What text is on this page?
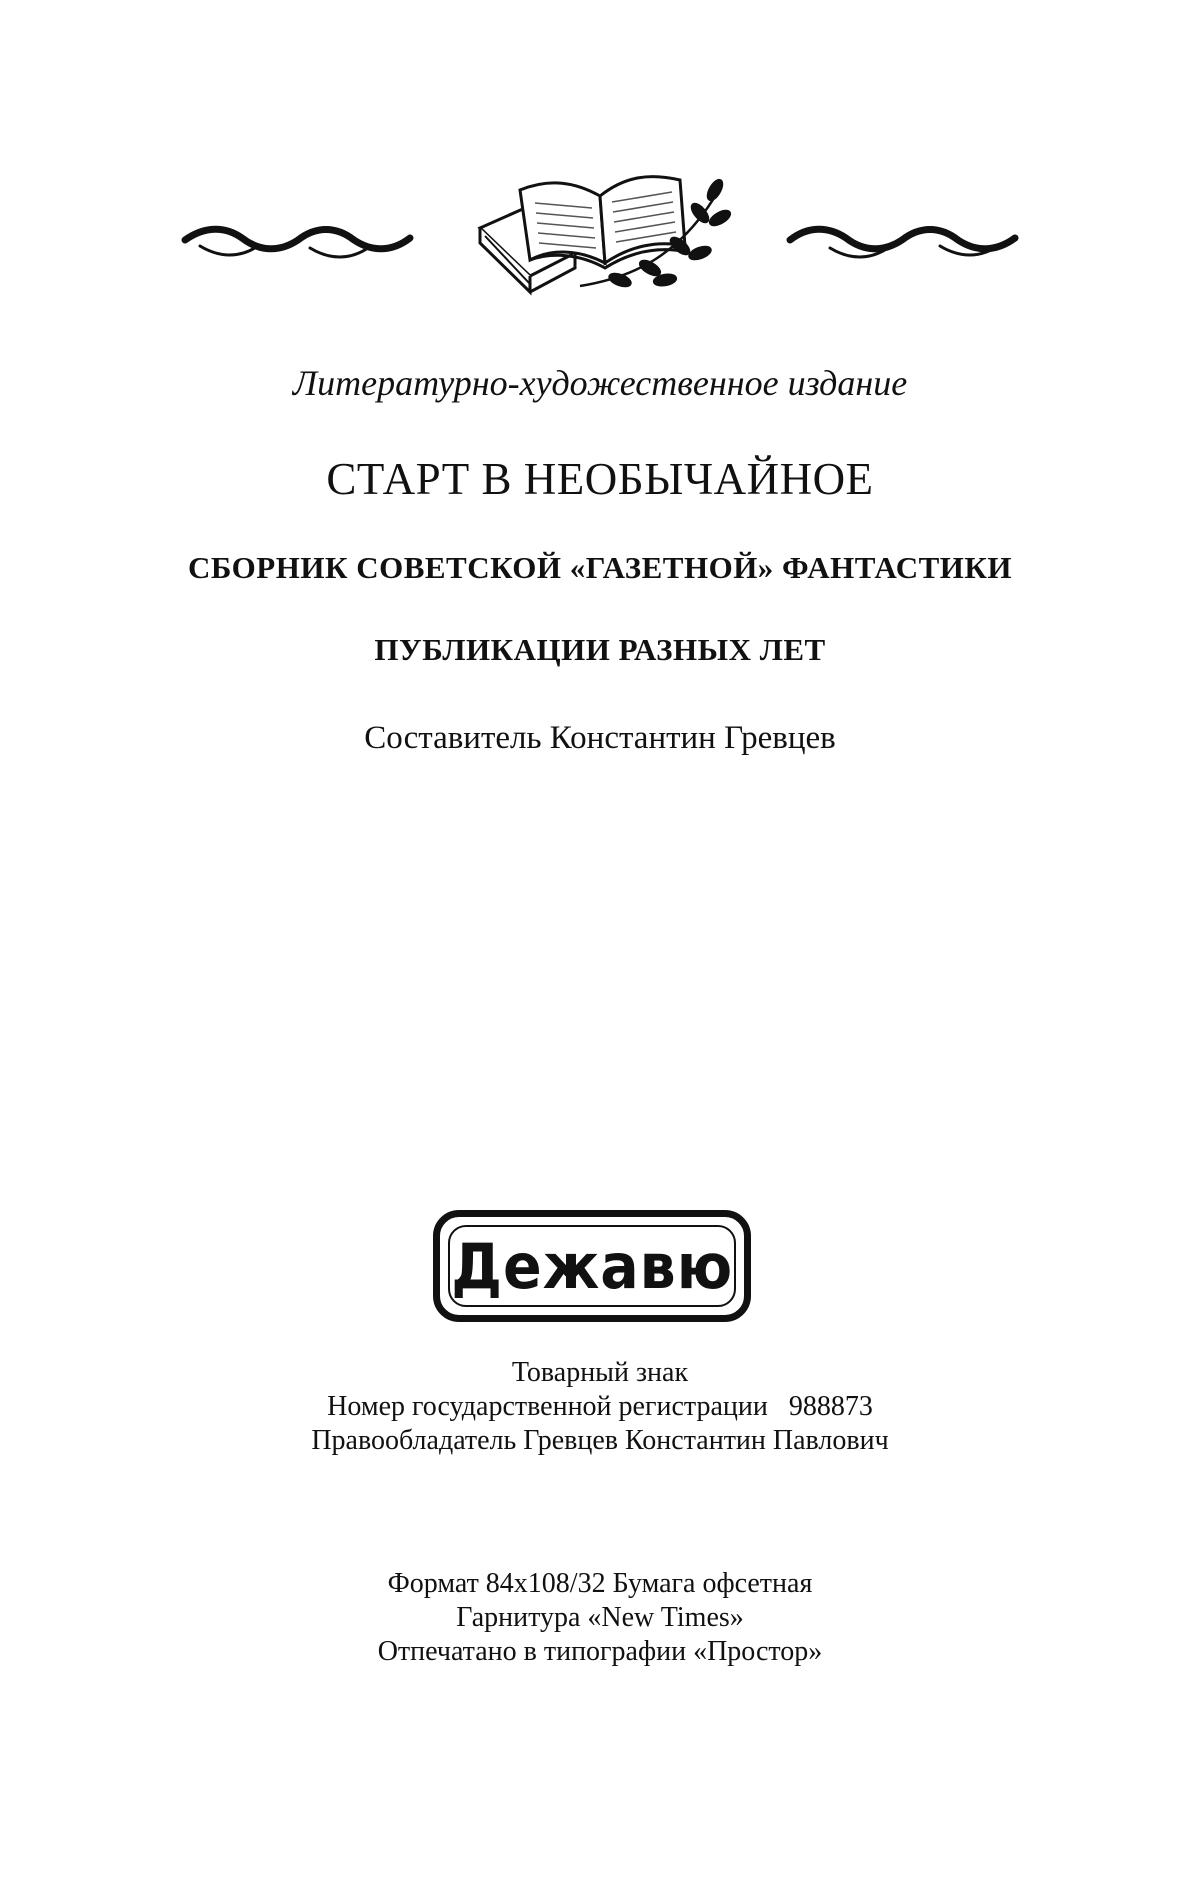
Литературно-художественное издание
СТАРТ В НЕОБЫЧАЙНОЕ
СБОРНИК СОВЕТСКОЙ «ГАЗЕТНОЙ» ФАНТАСТИКИ
ПУБЛИКАЦИИ РАЗНЫХ ЛЕТ
Составитель Константин Гревцев
Дежавю
Товарный знак
Номер государственной регистрации   988873
Правообладатель Гревцев Константин Павлович
Формат 84х108/32 Бумага офсетная
Гарнитура «New Times»
Отпечатано в типографии «Простор»
